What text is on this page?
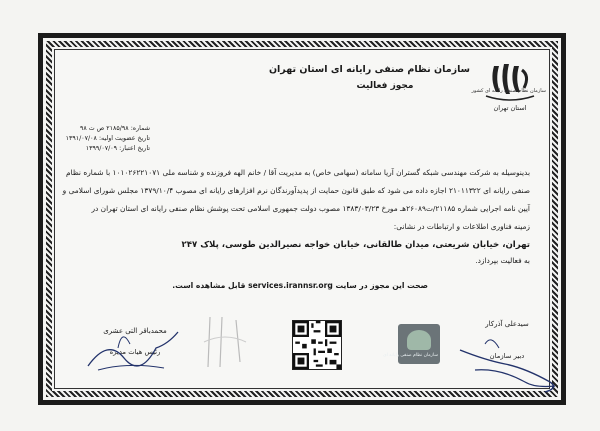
سازمان نظام صنفی رایانه ای کشور
استان تهران
سازمان نظام صنفی رایانه ای استان تهران
مجوز فعالیت
شماره: ۲۱۸۵/۹۸ ص ت ۹۸
تاریخ عضویت اولیه: ۱۳۹۱/۰۷/۰۸
تاریخ اعتبار: ۱۳۹۹/۰۷/۰۹
بدینوسیله به شرکت مهندسی شبکه گستران آریا سامانه (سهامی خاص) به مدیریت آقا / خانم الهه فروزنده و شناسه ملی ۱۰۱۰۲۶۲۲۱۰۷۱ با شماره نظام
صنفی رایانه ای ۲۱۰۱۱۳۲۲ اجازه داده می شود که طبق قانون حمایت از پدیدآورندگان نرم افزارهای رایانه ای مصوب ۱۳۷۹/۱۰/۴ مجلس شورای اسلامی و
آیین نامه اجرایی شماره ۲۱۱۸۵/ت۲۶۰۸۹هـ مورخ ۱۳۸۳/۰۳/۲۳ مصوب دولت جمهوری اسلامی تحت پوشش نظام صنفی رایانه ای استان تهران در
زمینه فناوری اطلاعات و ارتباطات در نشانی:
تهران، خیابان شریعتی، میدان طالقانی، خیابان خواجه نصیرالدین طوسی، پلاک ۲۴۷
به فعالیت بپردازد.
صحت این مجوز در سایت services.irannsr.org قابل مشاهده است.
محمدباقر التی عشری
رئیس هیات مدیره	سازمان نظام صنفی رایانه ای
سیدعلی آذرکار
دبیر سازمان
